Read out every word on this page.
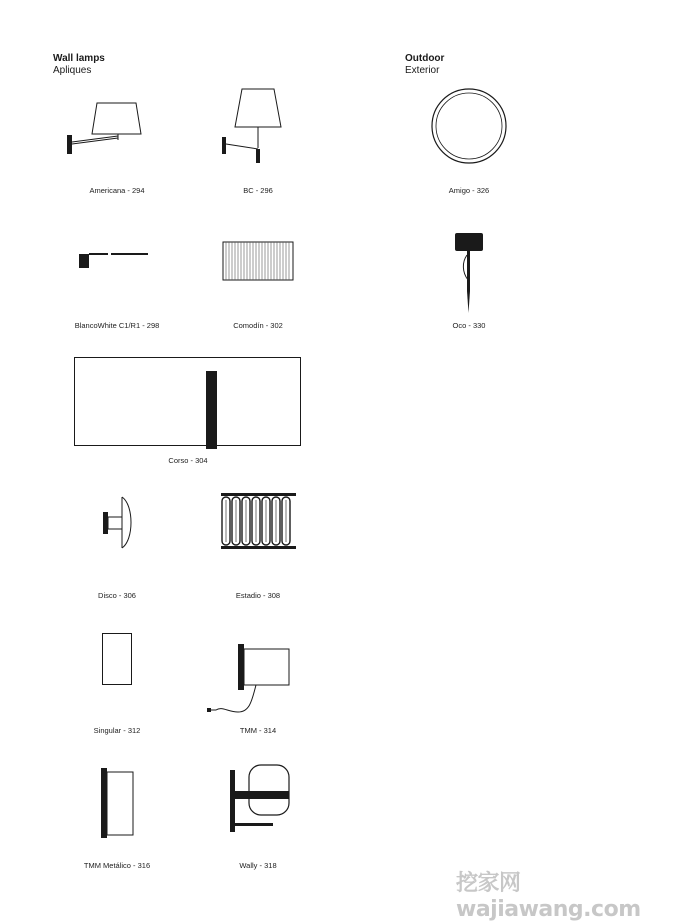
Wall lamps
Apliques
Outdoor
Exterior
Americana - 294	BC - 296	Amigo - 326
BlancoWhite C1/R1 - 298	Comodín - 302	Oco - 330
Corso - 304
Disco - 306	Estadio - 308
Singular - 312	TMM - 314
TMM Metálico - 316	Wally - 318
挖家网 wajiawang.com
